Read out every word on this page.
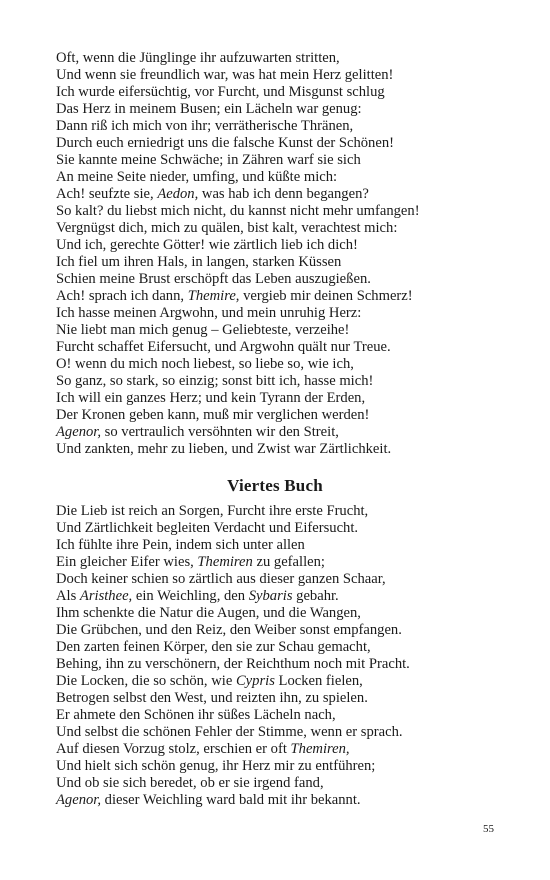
Oft, wenn die Jünglinge ihr aufzuwarten stritten,
Und wenn sie freundlich war, was hat mein Herz gelitten!
Ich wurde eifersüchtig, vor Furcht, und Misgunst schlug
Das Herz in meinem Busen; ein Lächeln war genug:
Dann riß ich mich von ihr; verrätherische Thränen,
Durch euch erniedrigt uns die falsche Kunst der Schönen!
Sie kannte meine Schwäche; in Zähren warf sie sich
An meine Seite nieder, umfing, und küßte mich:
Ach! seufzte sie, Aedon, was hab ich denn begangen?
So kalt? du liebst mich nicht, du kannst nicht mehr umfangen!
Vergnügst dich, mich zu quälen, bist kalt, verachtest mich:
Und ich, gerechte Götter! wie zärtlich lieb ich dich!
Ich fiel um ihren Hals, in langen, starken Küssen
Schien meine Brust erschöpft das Leben auszugießen.
Ach! sprach ich dann, Themire, vergieb mir deinen Schmerz!
Ich hasse meinen Argwohn, und mein unruhig Herz:
Nie liebt man mich genug – Geliebteste, verzeihe!
Furcht schaffet Eifersucht, und Argwohn quält nur Treue.
O! wenn du mich noch liebest, so liebe so, wie ich,
So ganz, so stark, so einzig; sonst bitt ich, hasse mich!
Ich will ein ganzes Herz; und kein Tyrann der Erden,
Der Kronen geben kann, muß mir verglichen werden!
Agenor, so vertraulich versöhnten wir den Streit,
Und zankten, mehr zu lieben, und Zwist war Zärtlichkeit.
Viertes Buch
Die Lieb ist reich an Sorgen, Furcht ihre erste Frucht,
Und Zärtlichkeit begleiten Verdacht und Eifersucht.
Ich fühlte ihre Pein, indem sich unter allen
Ein gleicher Eifer wies, Themiren zu gefallen;
Doch keiner schien so zärtlich aus dieser ganzen Schaar,
Als Aristhee, ein Weichling, den Sybaris gebahr.
Ihm schenkte die Natur die Augen, und die Wangen,
Die Grübchen, und den Reiz, den Weiber sonst empfangen.
Den zarten feinen Körper, den sie zur Schau gemacht,
Behing, ihn zu verschönern, der Reichthum noch mit Pracht.
Die Locken, die so schön, wie Cypris Locken fielen,
Betrogen selbst den West, und reizten ihn, zu spielen.
Er ahmete den Schönen ihr süßes Lächeln nach,
Und selbst die schönen Fehler der Stimme, wenn er sprach.
Auf diesen Vorzug stolz, erschien er oft Themiren,
Und hielt sich schön genug, ihr Herz mir zu entführen;
Und ob sie sich beredet, ob er sie irgend fand,
Agenor, dieser Weichling ward bald mit ihr bekannt.
55
